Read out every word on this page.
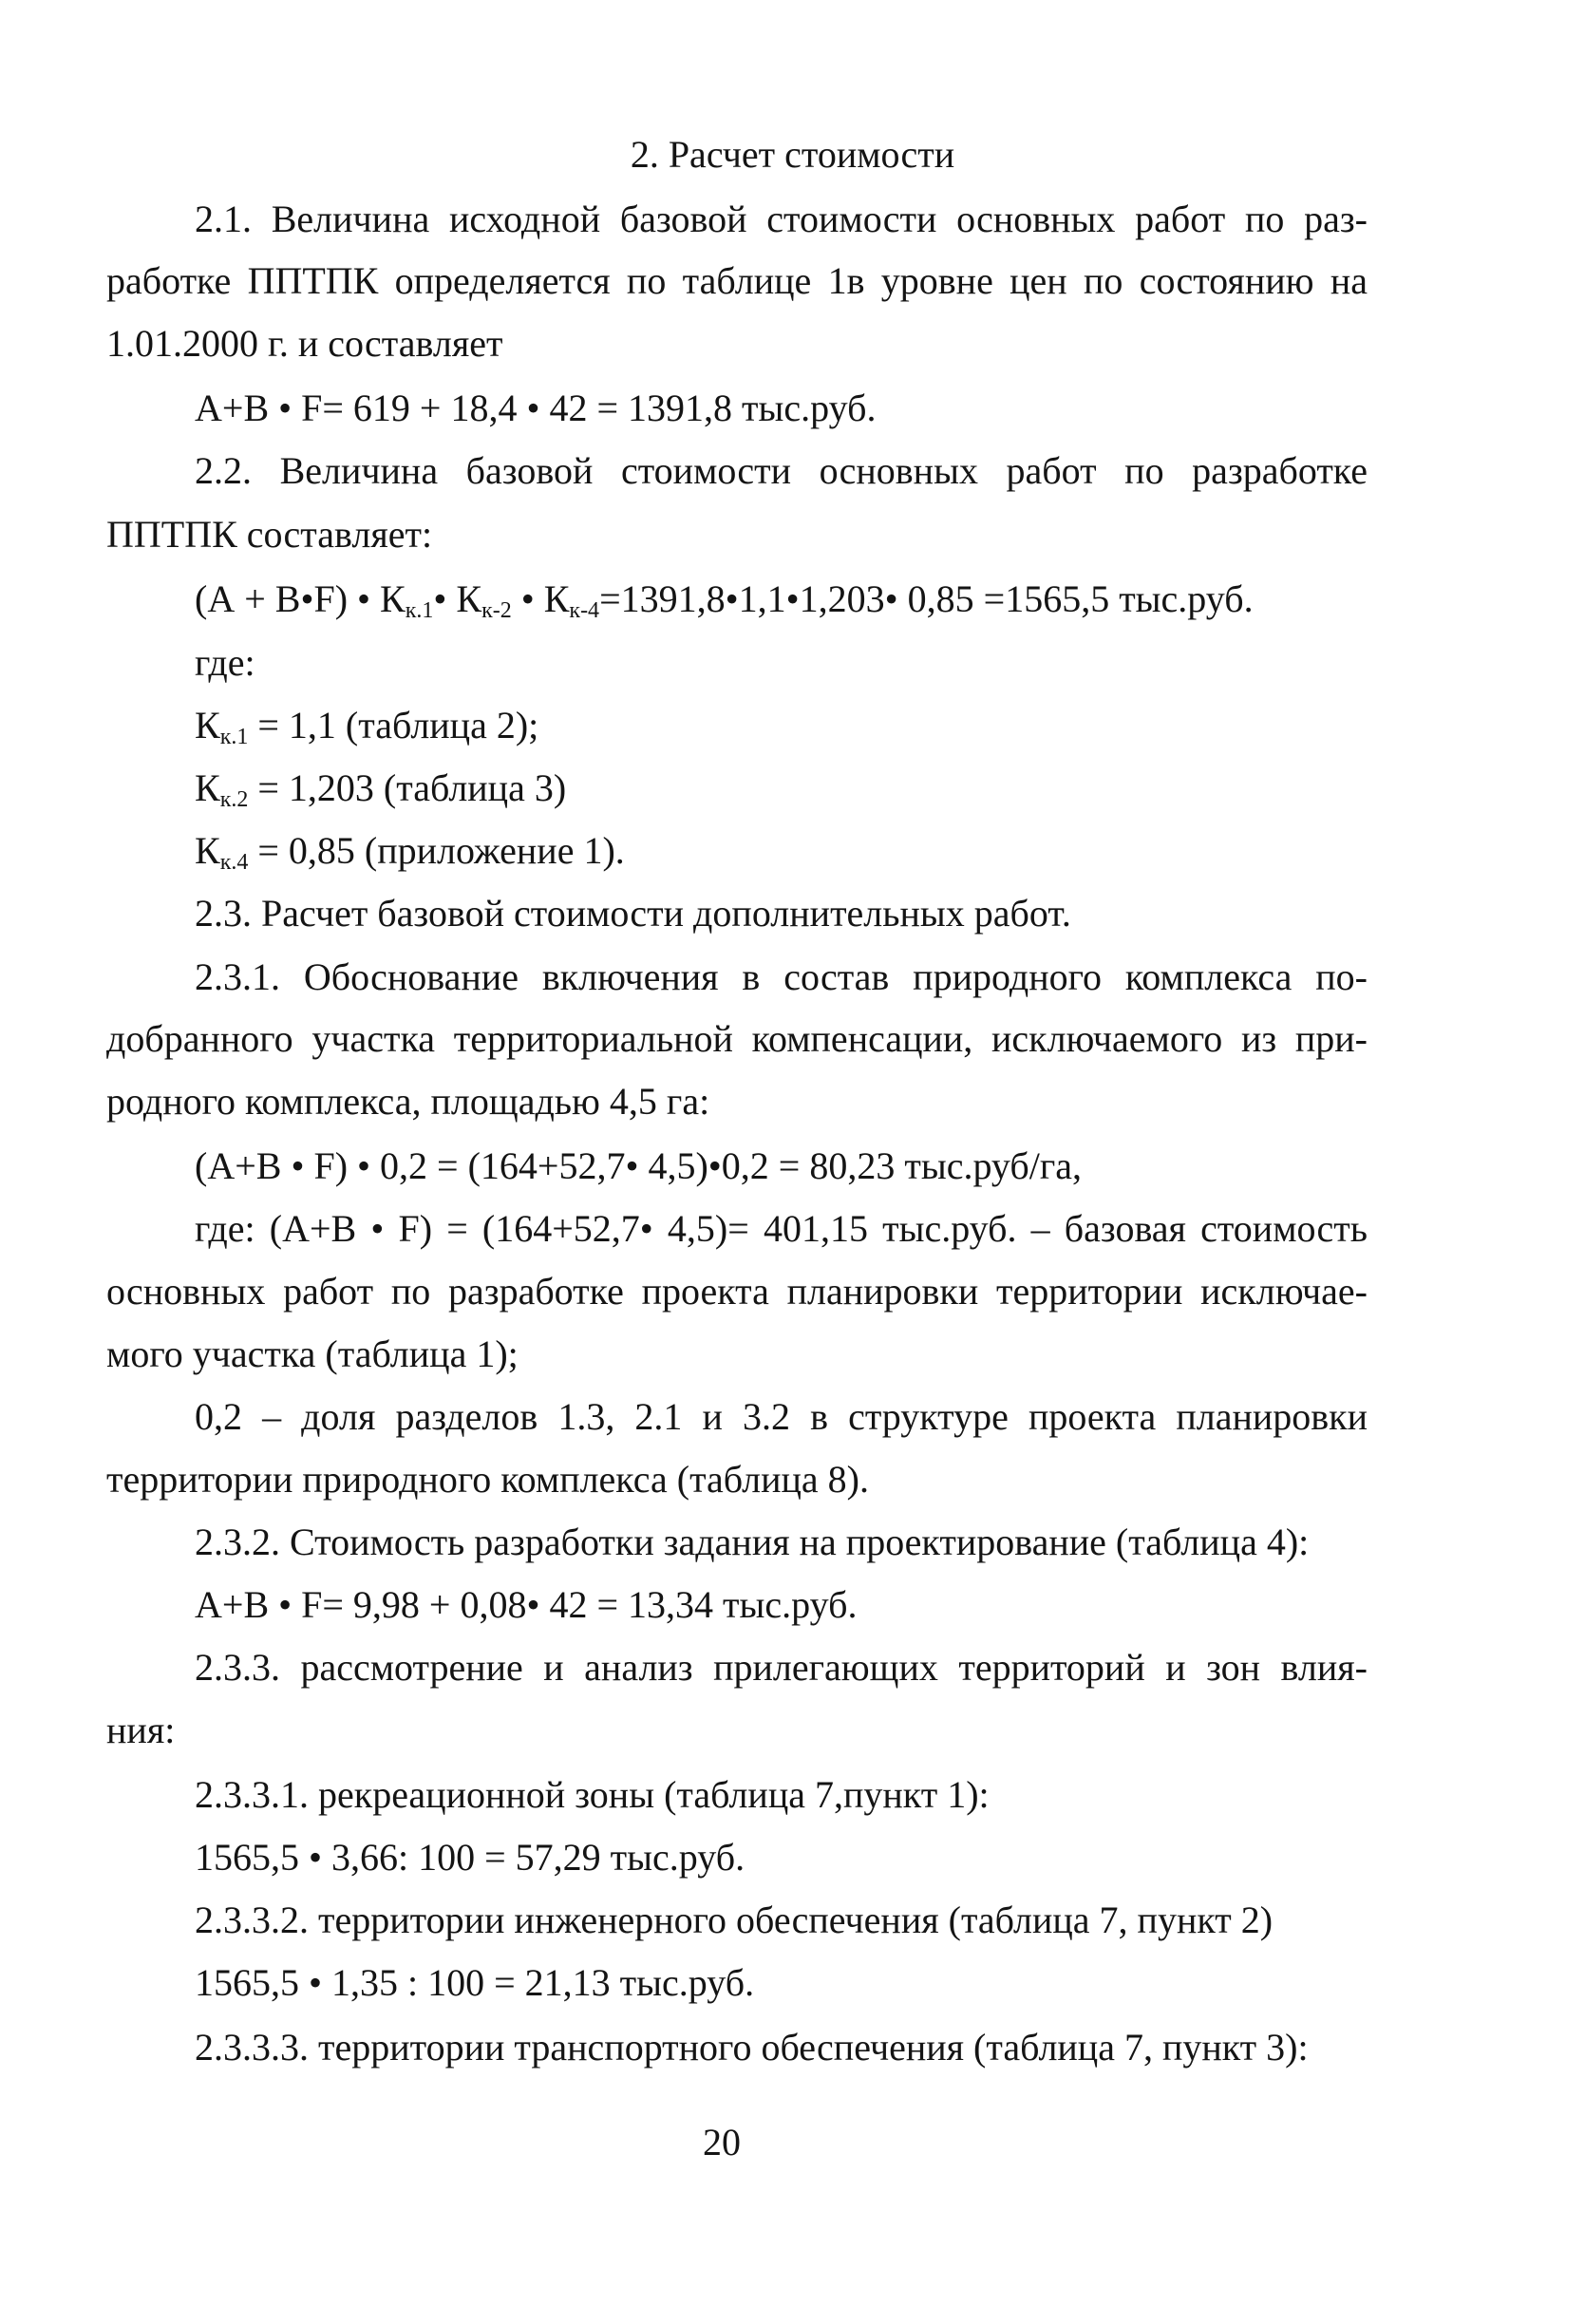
2. Расчет стоимости
2.1. Величина исходной базовой стоимости основных работ по раз-
работке ППТПК определяется по таблице 1в уровне цен по состоянию на
1.01.2000 г. и составляет
А+В • F= 619 + 18,4 • 42 = 1391,8 тыс.руб.
2.2. Величина базовой стоимости основных работ по разработке
ППТПК составляет:
(А + В•F) • $К_{к.1}•$ $К_{к-2}$ • $К_{к-4}=1391,8•1,1•1,203•$ 0,85 =1565,5 тыс.руб.
где:
$К_{к.1} = 1,1$ (таблица 2);
$К_{к.2} = 1,203$ (таблица 3)
$К_{к.4} = 0,85$ (приложение 1).
2.3. Расчет базовой стоимости дополнительных работ.
2.3.1. Обоснование включения в состав природного комплекса по-
добранного участка территориальной компенсации, исключаемого из при-
родного комплекса, площадью 4,5 га:
(А+В • F) • 0,2 = (164+52,7• 4,5)•0,2 = 80,23 тыс.руб/га,
где: (А+В • F) = (164+52,7• 4,5)= 401,15 тыс.руб. – базовая стоимость
основных работ по разработке проекта планировки территории исключае-
мого участка (таблица 1);
0,2 – доля разделов 1.3, 2.1 и 3.2 в структуре проекта планировки
территории природного комплекса (таблица 8).
2.3.2. Стоимость разработки задания на проектирование (таблица 4):
А+В • F= 9,98 + 0,08• 42 = 13,34 тыс.руб.
2.3.3. рассмотрение и анализ прилегающих территорий и зон влия-
ния:
2.3.3.1. рекреационной зоны (таблица 7,пункт 1):
1565,5 • 3,66: 100 = 57,29 тыс.руб.
2.3.3.2. территории инженерного обеспечения (таблица 7, пункт 2)
1565,5 • 1,35 : 100 = 21,13 тыс.руб.
2.3.3.3. территории транспортного обеспечения (таблица 7, пункт 3):
20
